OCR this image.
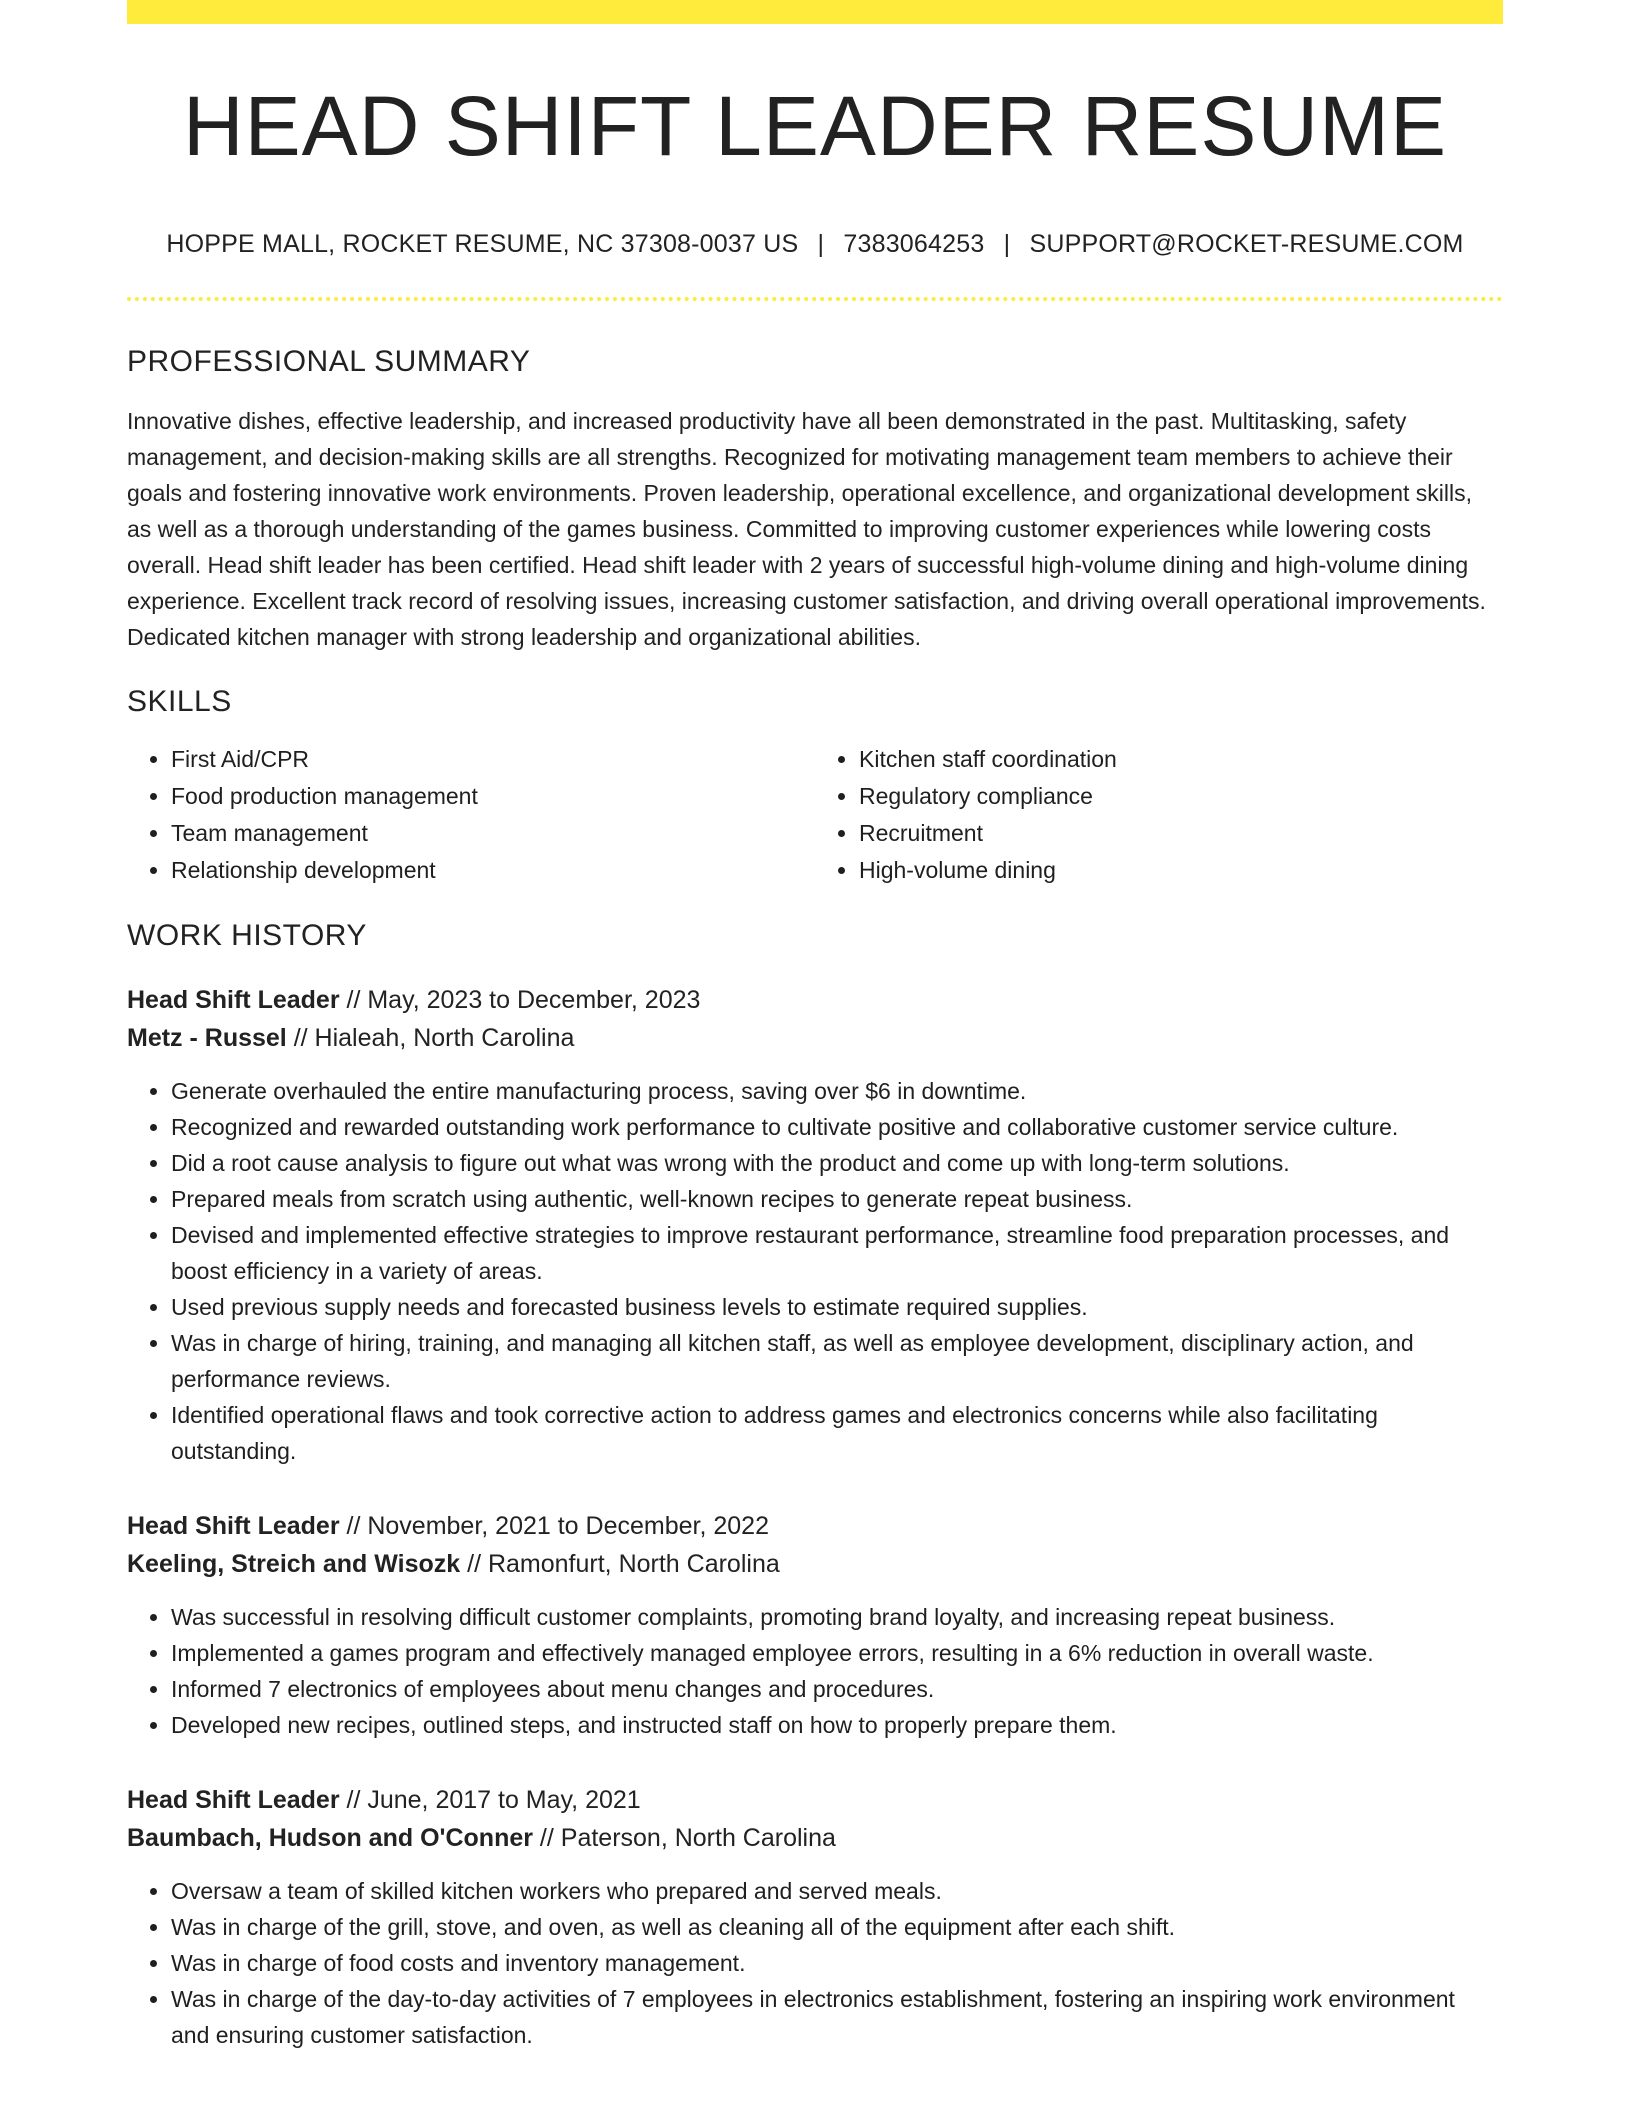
HEAD SHIFT LEADER RESUME
HOPPE MALL, ROCKET RESUME, NC 37308-0037 US | 7383064253 | SUPPORT@ROCKET-RESUME.COM
PROFESSIONAL SUMMARY

Innovative dishes, effective leadership, and increased productivity have all been demonstrated in the past. Multitasking, safety management, and decision-making skills are all strengths. Recognized for motivating management team members to achieve their goals and fostering innovative work environments. Proven leadership, operational excellence, and organizational development skills, as well as a thorough understanding of the games business. Committed to improving customer experiences while lowering costs overall. Head shift leader has been certified. Head shift leader with 2 years of successful high-volume dining and high-volume dining experience. Excellent track record of resolving issues, increasing customer satisfaction, and driving overall operational improvements. Dedicated kitchen manager with strong leadership and organizational abilities.

SKILLS
• First Aid/CPR
• Food production management
• Team management
• Relationship development
• Kitchen staff coordination
• Regulatory compliance
• Recruitment
• High-volume dining
WORK HISTORY
Head Shift Leader // May, 2023 to December, 2023
Metz - Russel // Hialeah, North Carolina
• Generate overhauled the entire manufacturing process, saving over $6 in downtime.
• Recognized and rewarded outstanding work performance to cultivate positive and collaborative customer service culture.
• Did a root cause analysis to figure out what was wrong with the product and come up with long-term solutions.
• Prepared meals from scratch using authentic, well-known recipes to generate repeat business.
• Devised and implemented effective strategies to improve restaurant performance, streamline food preparation processes, and boost efficiency in a variety of areas.
• Used previous supply needs and forecasted business levels to estimate required supplies.
• Was in charge of hiring, training, and managing all kitchen staff, as well as employee development, disciplinary action, and performance reviews.
• Identified operational flaws and took corrective action to address games and electronics concerns while also facilitating outstanding.
Head Shift Leader // November, 2021 to December, 2022
Keeling, Streich and Wisozk // Ramonfurt, North Carolina
• Was successful in resolving difficult customer complaints, promoting brand loyalty, and increasing repeat business.
• Implemented a games program and effectively managed employee errors, resulting in a 6% reduction in overall waste.
• Informed 7 electronics of employees about menu changes and procedures.
• Developed new recipes, outlined steps, and instructed staff on how to properly prepare them.
Head Shift Leader // June, 2017 to May, 2021
Baumbach, Hudson and O'Conner // Paterson, North Carolina
• Oversaw a team of skilled kitchen workers who prepared and served meals.
• Was in charge of the grill, stove, and oven, as well as cleaning all of the equipment after each shift.
• Was in charge of food costs and inventory management.
• Was in charge of the day-to-day activities of 7 employees in electronics establishment, fostering an inspiring work environment and ensuring customer satisfaction.
